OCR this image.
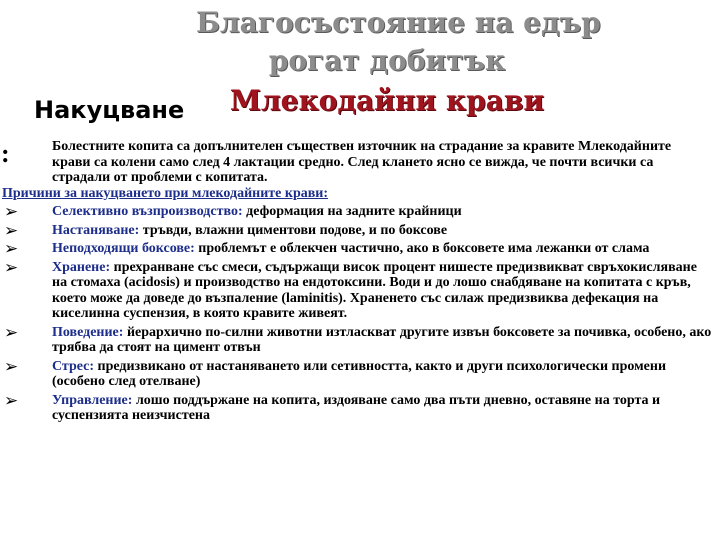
Благосъстояние на едър
рогат добитък
Млекодайни крави
Накуцване
:	Болестните копита са допълнителен съществен източник на страдание за кравите Млекодайните крави са колени само след 4 лактации средно. След клането ясно се вижда, че почти всички са страдали от проблеми с копитата.
Причини за накуцването при млекодайните крави:
➢ Селективно възпроизводство: деформация на задните крайници
➢ Настаняване: тръвди, влажни циментови подове, и по боксове
➢ Неподходящи боксове: проблемът е облекчен частично, ако в боксовете има лежанки от слама
➢ Хранене: прехранване със смеси, съдържащи висок процент нишесте предизвикват свръхокисляване на стомаха (acidosis) и производство на ендотоксини. Води и до лошо снабдяване на копитата с кръв, което може да доведе до възпаление (laminitis). Храненето със силаж предизвиква дефекация на киселинна суспензия, в която кравите живеят.
➢ Поведение: йерархично по-силни животни изтласкват другите извън боксовете за почивка, особено, ако трябва да стоят на цимент отвън
➢ Стрес: предизвикано от настаняването или сетивността, както и други психологически промени (особено след отелване)
➢ Управление: лошо поддържане на копита, издояване само два пъти дневно, оставяне на торта и суспензията неизчистена
